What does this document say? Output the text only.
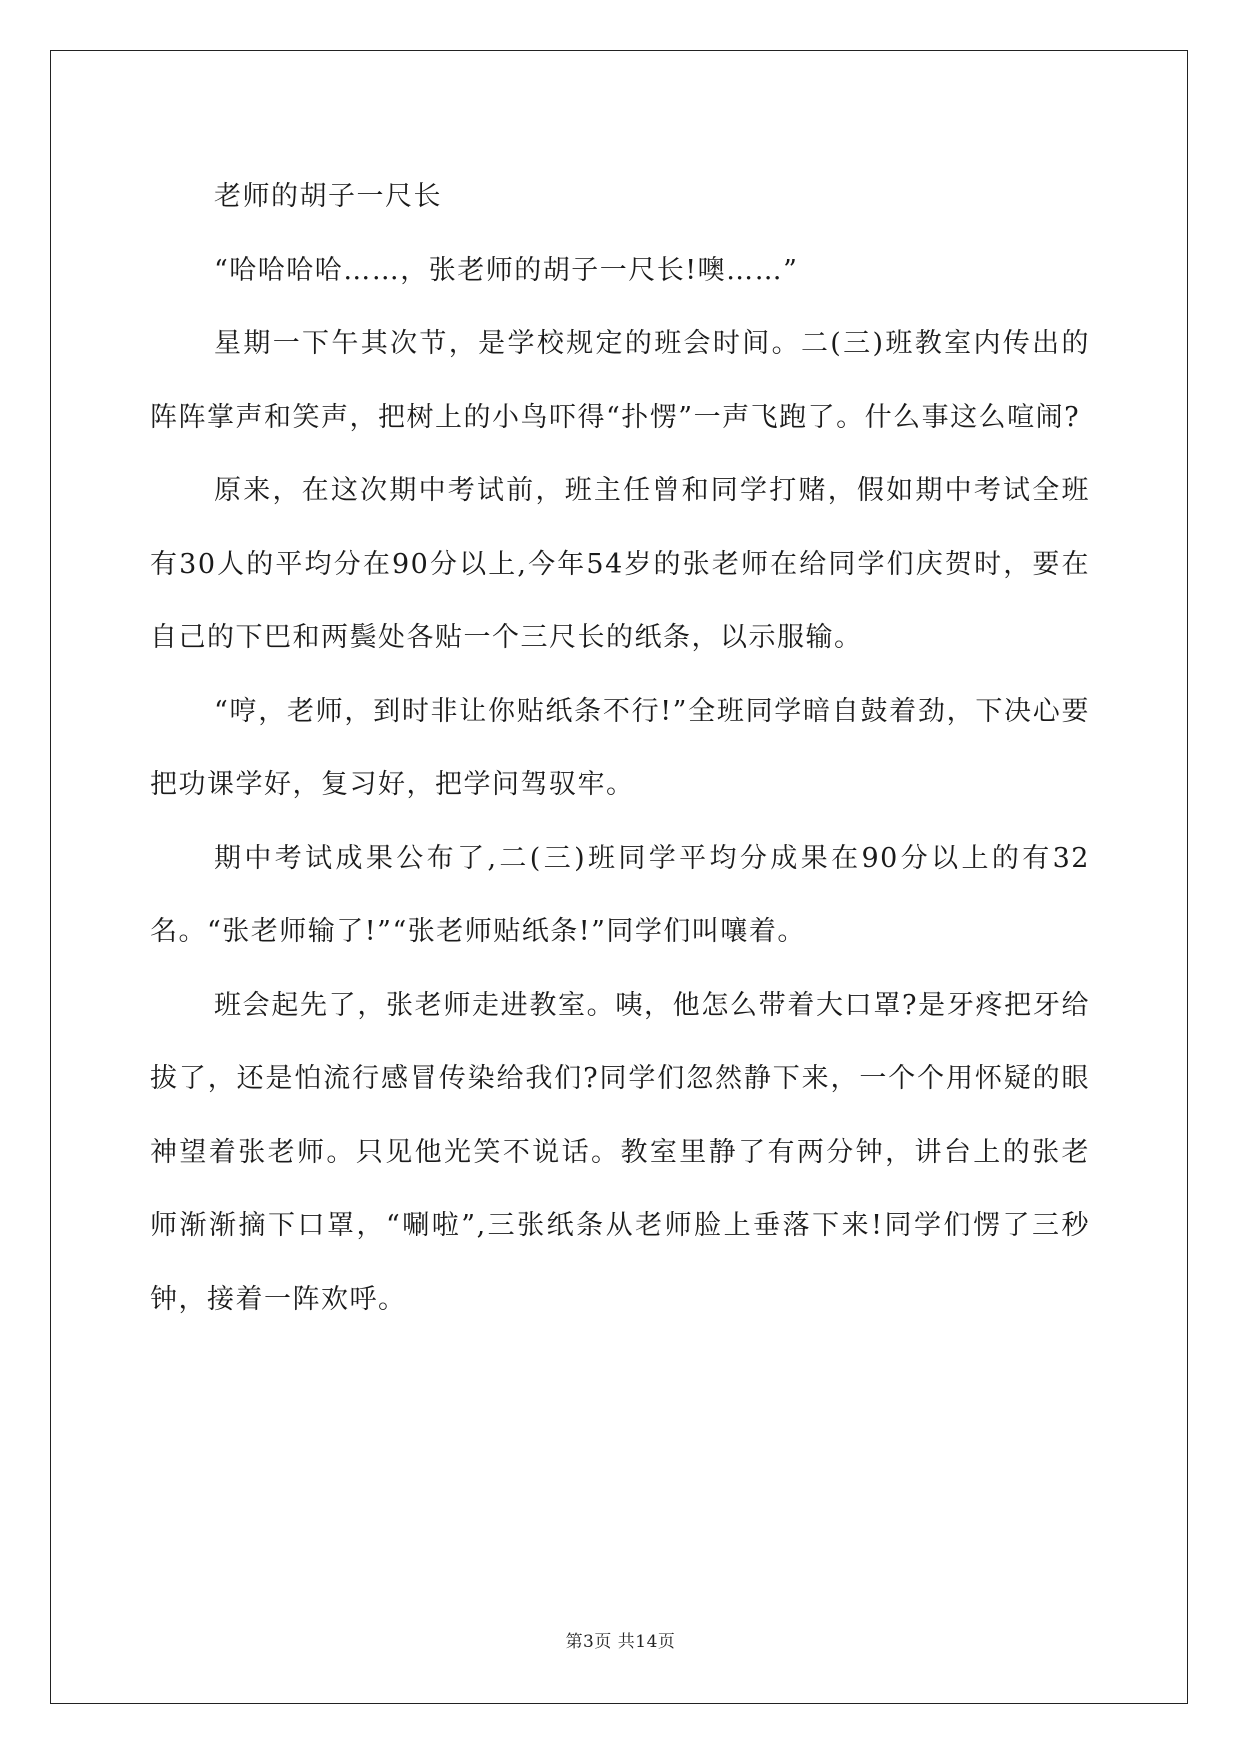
老师的胡子一尺长

“哈哈哈哈……，张老师的胡子一尺长!噢……”

星期一下午其次节，是学校规定的班会时间。二(三)班教室内传出的阵阵掌声和笑声，把树上的小鸟吓得“扑愣”一声飞跑了。什么事这么喧闹?

原来，在这次期中考试前，班主任曾和同学打赌，假如期中考试全班有30人的平均分在90分以上,今年54岁的张老师在给同学们庆贺时，要在自己的下巴和两鬓处各贴一个三尺长的纸条，以示服输。

“哼，老师，到时非让你贴纸条不行!”全班同学暗自鼓着劲，下决心要把功课学好，复习好，把学问驾驭牢。

期中考试成果公布了,二(三)班同学平均分成果在90分以上的有32名。“张老师输了!”“张老师贴纸条!”同学们叫嚷着。

班会起先了，张老师走进教室。咦，他怎么带着大口罩?是牙疼把牙给拔了，还是怕流行感冒传染给我们?同学们忽然静下来，一个个用怀疑的眼神望着张老师。只见他光笑不说话。教室里静了有两分钟，讲台上的张老师渐渐摘下口罩，“唰啦”,三张纸条从老师脸上垂落下来!同学们愣了三秒钟，接着一阵欢呼。

第3页 共14页
